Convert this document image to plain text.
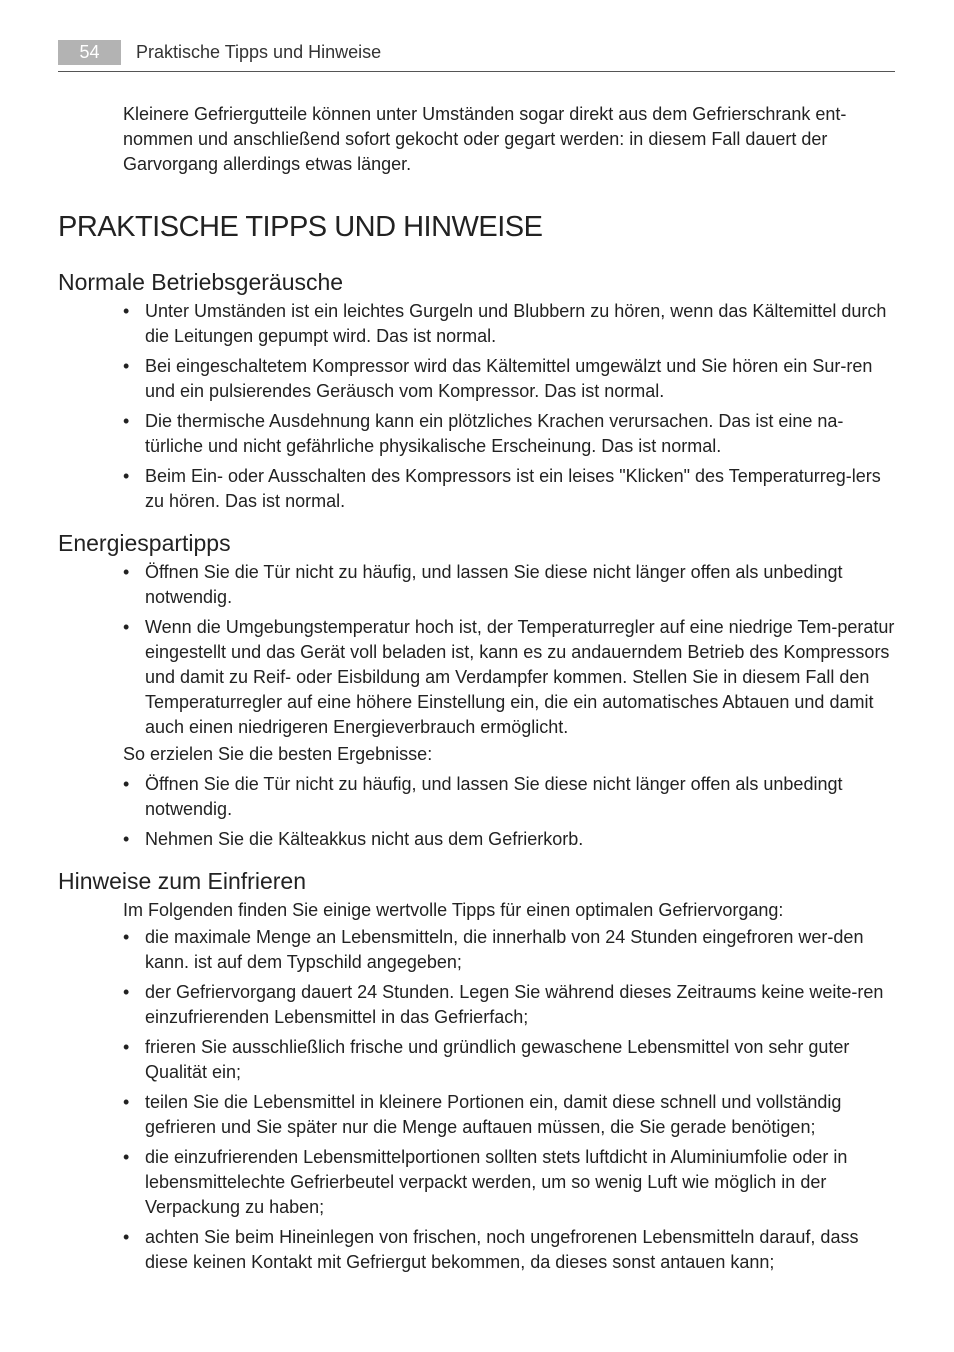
54	Praktische Tipps und Hinweise

Kleinere Gefriergutteile können unter Umständen sogar direkt aus dem Gefrierschrank ent-nommen und anschließend sofort gekocht oder gegart werden: in diesem Fall dauert der Garvorgang allerdings etwas länger.

PRAKTISCHE TIPPS UND HINWEISE
Normale Betriebsgeräusche
• Unter Umständen ist ein leichtes Gurgeln und Blubbern zu hören, wenn das Kältemittel durch die Leitungen gepumpt wird. Das ist normal.
• Bei eingeschaltetem Kompressor wird das Kältemittel umgewälzt und Sie hören ein Sur-ren und ein pulsierendes Geräusch vom Kompressor. Das ist normal.
• Die thermische Ausdehnung kann ein plötzliches Krachen verursachen. Das ist eine na-türliche und nicht gefährliche physikalische Erscheinung. Das ist normal.
• Beim Ein- oder Ausschalten des Kompressors ist ein leises "Klicken" des Temperaturreg-lers zu hören. Das ist normal.
Energiespartipps
• Öffnen Sie die Tür nicht zu häufig, und lassen Sie diese nicht länger offen als unbedingt notwendig.
• Wenn die Umgebungstemperatur hoch ist, der Temperaturregler auf eine niedrige Tem-peratur eingestellt und das Gerät voll beladen ist, kann es zu andauerndem Betrieb des Kompressors und damit zu Reif- oder Eisbildung am Verdampfer kommen. Stellen Sie in diesem Fall den Temperaturregler auf eine höhere Einstellung ein, die ein automatisches Abtauen und damit auch einen niedrigeren Energieverbrauch ermöglicht.

So erzielen Sie die besten Ergebnisse:

• Öffnen Sie die Tür nicht zu häufig, und lassen Sie diese nicht länger offen als unbedingt notwendig.
• Nehmen Sie die Kälteakkus nicht aus dem Gefrierkorb.
Hinweise zum Einfrieren

Im Folgenden finden Sie einige wertvolle Tipps für einen optimalen Gefriervorgang:

• die maximale Menge an Lebensmitteln, die innerhalb von 24 Stunden eingefroren wer-den kann. ist auf dem Typschild angegeben;
• der Gefriervorgang dauert 24 Stunden. Legen Sie während dieses Zeitraums keine weite-ren einzufrierenden Lebensmittel in das Gefrierfach;
• frieren Sie ausschließlich frische und gründlich gewaschene Lebensmittel von sehr guter Qualität ein;
• teilen Sie die Lebensmittel in kleinere Portionen ein, damit diese schnell und vollständig gefrieren und Sie später nur die Menge auftauen müssen, die Sie gerade benötigen;
• die einzufrierenden Lebensmittelportionen sollten stets luftdicht in Aluminiumfolie oder in lebensmittelechte Gefrierbeutel verpackt werden, um so wenig Luft wie möglich in der Verpackung zu haben;
• achten Sie beim Hineinlegen von frischen, noch ungefrorenen Lebensmitteln darauf, dass diese keinen Kontakt mit Gefriergut bekommen, da dieses sonst antauen kann;
